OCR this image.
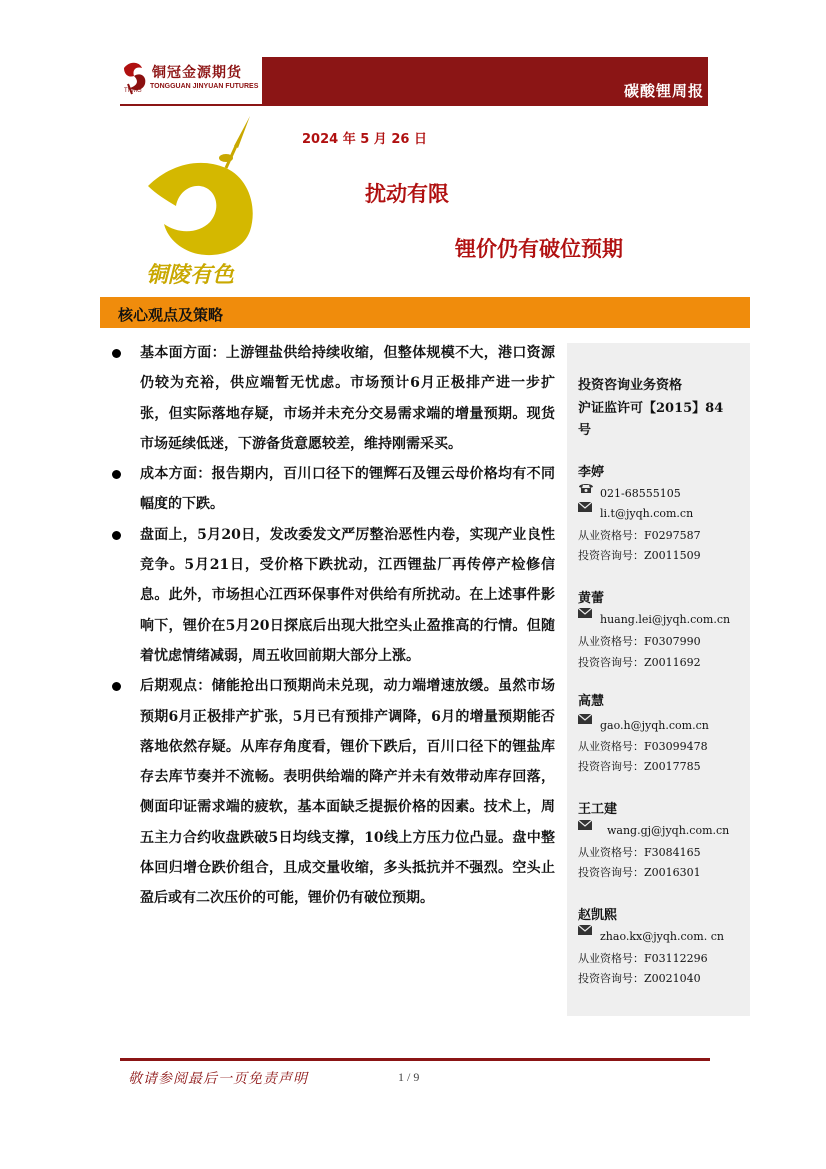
铜冠金源期货
TONGGUAN JINYUAN FUTURES
TNMG	碳酸锂周报
铜陵有色
2024 年 5 月 26 日
扰动有限
锂价仍有破位预期
核心观点及策略
基本面方面：上游锂盐供给持续收缩，但整体规模不大，港口资源仍较为充裕，供应端暂无忧虑。市场预计6月正极排产进一步扩张，但实际落地存疑，市场并未充分交易需求端的增量预期。现货市场延续低迷，下游备货意愿较差，维持刚需采买。
成本方面：报告期内，百川口径下的锂辉石及锂云母价格均有不同幅度的下跌。
盘面上，5月20日，发改委发文严厉整治恶性内卷，实现产业良性竞争。5月21日，受价格下跌扰动，江西锂盐厂再传停产检修信息。此外，市场担心江西环保事件对供给有所扰动。在上述事件影响下，锂价在5月20日探底后出现大批空头止盈推高的行情。但随着忧虑情绪减弱，周五收回前期大部分上涨。
后期观点：储能抢出口预期尚未兑现，动力端增速放缓。虽然市场预期6月正极排产扩张，5月已有预排产调降，6月的增量预期能否落地依然存疑。从库存角度看，锂价下跌后，百川口径下的锂盐库存去库节奏并不流畅。表明供给端的降产并未有效带动库存回落，侧面印证需求端的疲软，基本面缺乏提振价格的因素。技术上，周五主力合约收盘跌破5日均线支撑，10线上方压力位凸显。盘中整体回归增仓跌价组合，且成交量收缩，多头抵抗并不强烈。空头止盈后或有二次压价的可能，锂价仍有破位预期。
投资咨询业务资格
沪证监许可【2015】84
号
李婷
021-68555105
li.t@jyqh.com.cn
从业资格号：F0297587
投资咨询号：Z0011509
黄蕾
huang.lei@jyqh.com.cn
从业资格号：F0307990
投资咨询号：Z0011692
高慧
gao.h@jyqh.com.cn
从业资格号：F03099478
投资咨询号：Z0017785
王工建
wang.gj@jyqh.com.cn
从业资格号：F3084165
投资咨询号：Z0016301
赵凯熙
zhao.kx@jyqh.com. cn
从业资格号：F03112296
投资咨询号：Z0021040
敬请参阅最后一页免责声明	1 / 9
